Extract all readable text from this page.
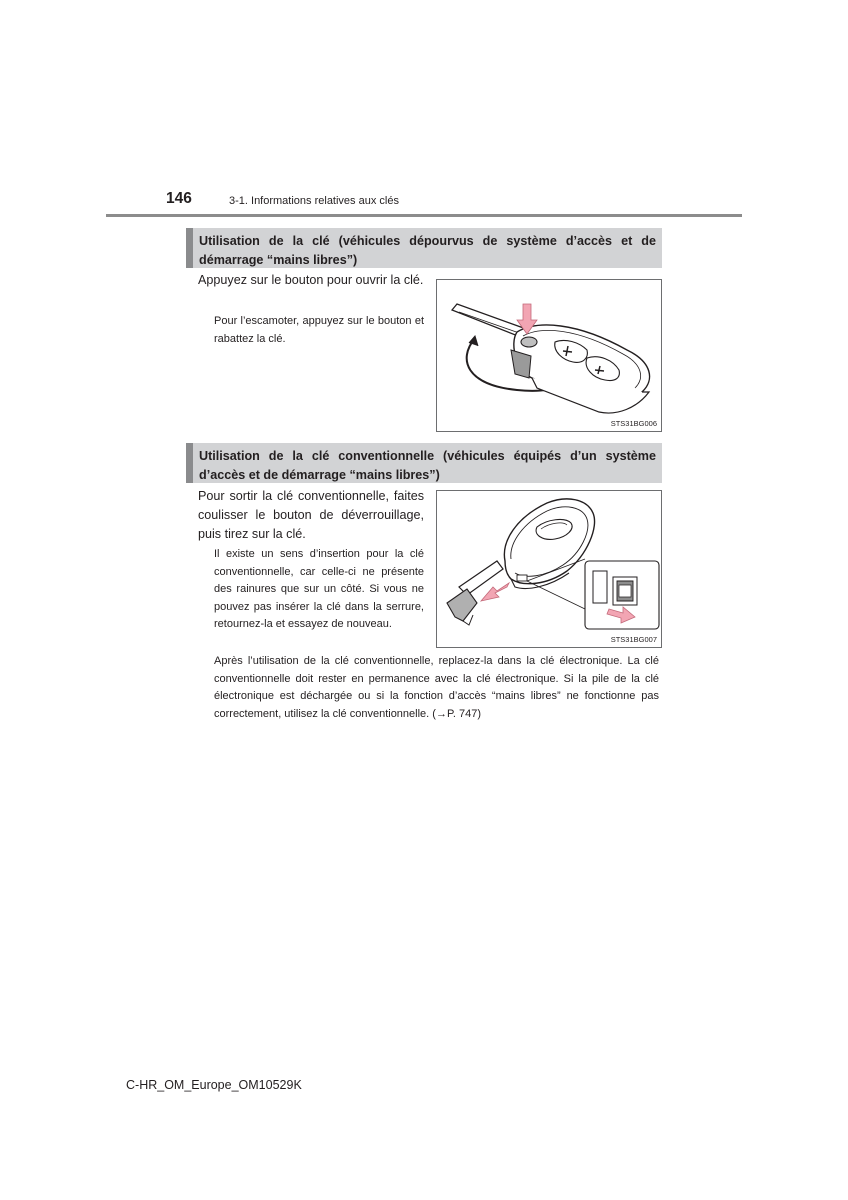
146	3-1. Informations relatives aux clés
Utilisation de la clé (véhicules dépourvus de système d’accès et de démarrage “mains libres”)
Appuyez sur le bouton pour ouvrir la clé.
Pour l’escamoter, appuyez sur le bouton et rabattez la clé.
STS31BG006
Utilisation de la clé conventionnelle (véhicules équipés d’un système d’accès et de démarrage “mains libres”)
Pour sortir la clé conventionnelle, faites coulisser le bouton de déverrouillage, puis tirez sur la clé.
Il existe un sens d’insertion pour la clé conventionnelle, car celle-ci ne présente des rainures que sur un côté. Si vous ne pouvez pas insérer la clé dans la serrure, retournez-la et essayez de nouveau.
STS31BG007
Après l’utilisation de la clé conventionnelle, replacez-la dans la clé électronique. La clé conventionnelle doit rester en permanence avec la clé électronique. Si la pile de la clé électronique est déchargée ou si la fonction d’accès “mains libres” ne fonctionne pas correctement, utilisez la clé conventionnelle. (→P. 747)
C-HR_OM_Europe_OM10529K
